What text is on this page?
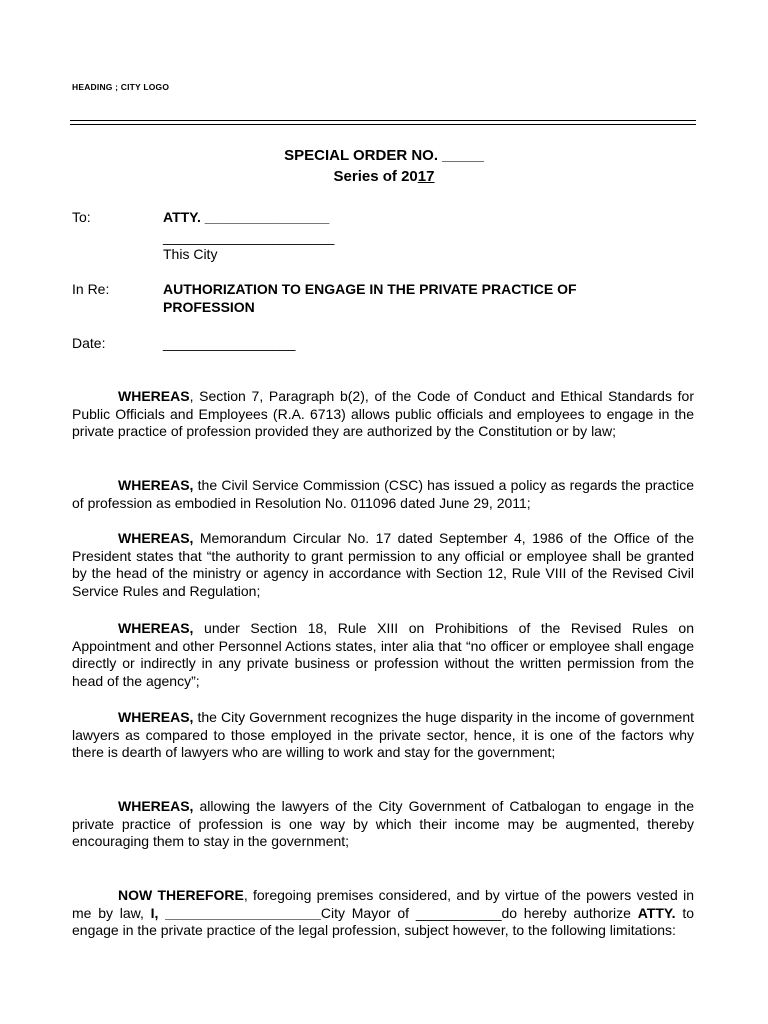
HEADING ; CITY LOGO
SPECIAL ORDER NO. _____
Series of 2017
To:	ATTY. ________________
______________________
This City
In Re:	AUTHORIZATION TO ENGAGE IN THE PRIVATE PRACTICE OF
PROFESSION
Date:	_________________
WHEREAS, Section 7, Paragraph b(2), of the Code of Conduct and Ethical Standards for Public Officials and Employees (R.A. 6713) allows public officials and employees to engage in the private practice of profession provided they are authorized by the Constitution or by law;
WHEREAS, the Civil Service Commission (CSC) has issued a policy as regards the practice of profession as embodied in Resolution No. 011096 dated June 29, 2011;
WHEREAS, Memorandum Circular No. 17 dated September 4, 1986 of the Office of the President states that “the authority to grant permission to any official or employee shall be granted by the head of the ministry or agency in accordance with Section 12, Rule VIII of the Revised Civil Service Rules and Regulation;
WHEREAS, under Section 18, Rule XIII on Prohibitions of the Revised Rules on Appointment and other Personnel Actions states, inter alia that “no officer or employee shall engage directly or indirectly in any private business or profession without the written permission from the head of the agency”;
WHEREAS, the City Government recognizes the huge disparity in the income of government lawyers as compared to those employed in the private sector, hence, it is one of the factors why there is dearth of lawyers who are willing to work and stay for the government;
WHEREAS, allowing the lawyers of the City Government of Catbalogan to engage in the private practice of profession is one way by which their income may be augmented, thereby encouraging them to stay in the government;
NOW THEREFORE, foregoing premises considered, and by virtue of the powers vested in me by law, I, ____________________City Mayor of ___________do hereby authorize ATTY. to engage in the private practice of the legal profession, subject however, to the following limitations:
